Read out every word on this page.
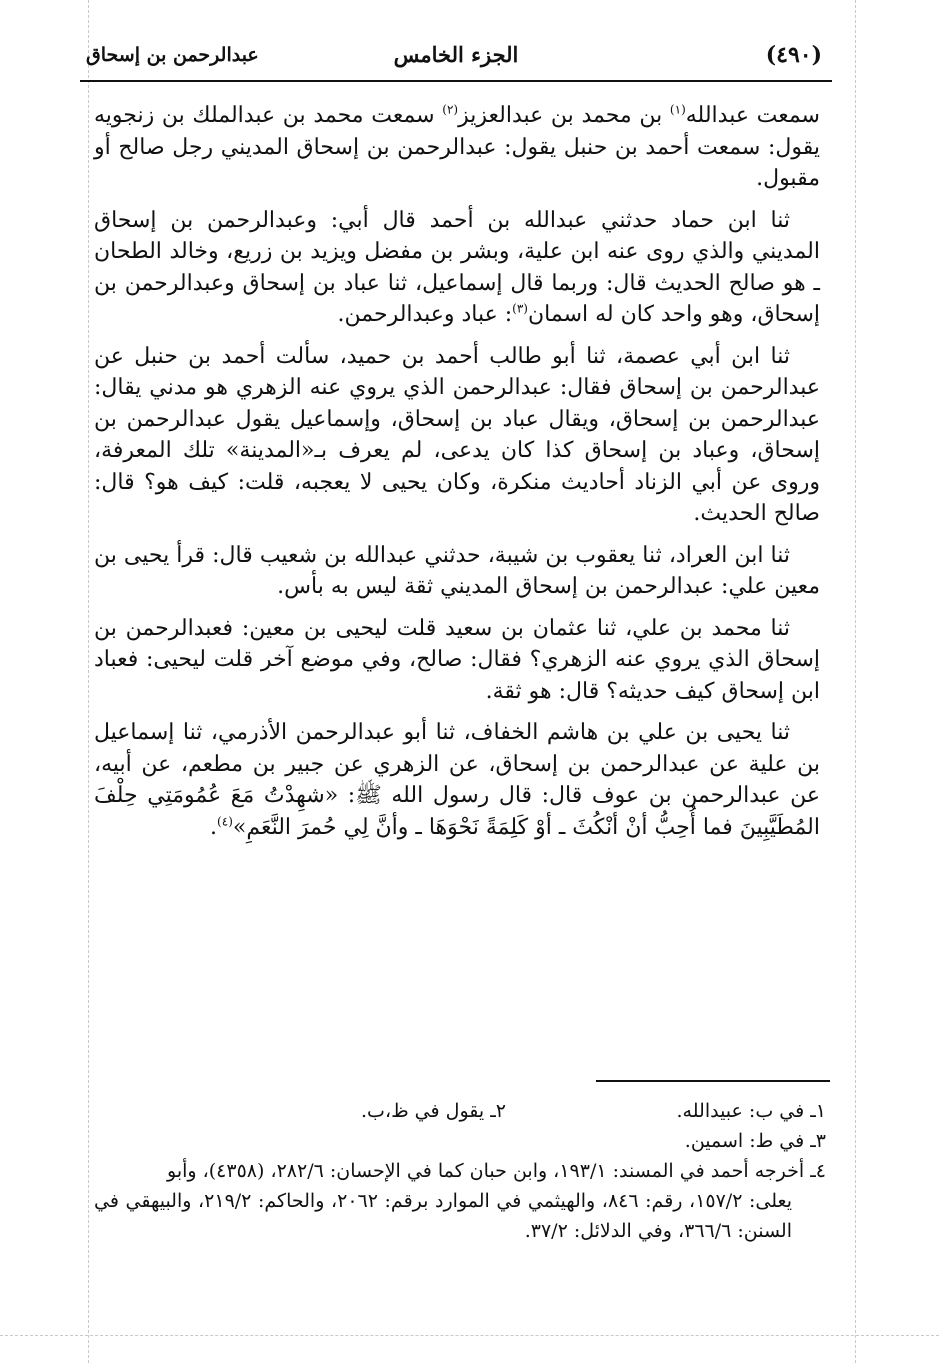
(٤٩٠)
الجزء الخامس
عبدالرحمن بن إسحاق

سمعت عبدالله$^{(١)}$ بن محمد بن عبدالعزيز$^{(٢)}$ سمعت محمد بن عبدالملك بن زنجويه يقول: سمعت أحمد بن حنبل يقول: عبدالرحمن بن إسحاق المديني رجل صالح أو مقبول.

ثنا ابن حماد حدثني عبدالله بن أحمد قال أبي: وعبدالرحمن بن إسحاق المديني والذي روى عنه ابن علية، وبشر بن مفضل ويزيد بن زريع، وخالد الطحان ـ هو صالح الحديث قال: وربما قال إسماعيل، ثنا عباد بن إسحاق وعبدالرحمن بن إسحاق، وهو واحد كان له اسمان$^{(٣)}$: عباد وعبدالرحمن.

ثنا ابن أبي عصمة، ثنا أبو طالب أحمد بن حميد، سألت أحمد بن حنبل عن عبدالرحمن بن إسحاق فقال: عبدالرحمن الذي يروي عنه الزهري هو مدني يقال: عبدالرحمن بن إسحاق، ويقال عباد بن إسحاق، وإسماعيل يقول عبدالرحمن بن إسحاق، وعباد بن إسحاق كذا كان يدعى، لم يعرف بـ«المدينة» تلك المعرفة، وروى عن أبي الزناد أحاديث منكرة، وكان يحيى لا يعجبه، قلت: كيف هو؟ قال: صالح الحديث.

ثنا ابن العراد، ثنا يعقوب بن شيبة، حدثني عبدالله بن شعيب قال: قرأ يحيى بن معين علي: عبدالرحمن بن إسحاق المديني ثقة ليس به بأس.

ثنا محمد بن علي، ثنا عثمان بن سعيد قلت ليحيى بن معين: فعبدالرحمن بن إسحاق الذي يروي عنه الزهري؟ فقال: صالح، وفي موضع آخر قلت ليحيى: فعباد ابن إسحاق كيف حديثه؟ قال: هو ثقة.

ثنا يحيى بن علي بن هاشم الخفاف، ثنا أبو عبدالرحمن الأذرمي، ثنا إسماعيل بن علية عن عبدالرحمن بن إسحاق، عن الزهري عن جبير بن مطعم، عن أبيه، عن عبدالرحمن بن عوف قال: قال رسول الله ﷺ: «شهِدْتُ مَعَ عُمُومَتِي حِلْفَ المُطَيَّبِينَ فما أُحِبُّ أنْ أنْكُثَ ـ أوْ كَلِمَةً نَحْوَهَا ـ وأنَّ لِي حُمرَ النَّعَمِ»$^{(٤)}$.

١ـ في ب: عبيدالله.
٢ـ يقول في ظ،ب.
٣ـ في ط: اسمين.
٤ـ أخرجه أحمد في المسند: ١٩٣/١، وابن حبان كما في الإحسان: ٢٨٢/٦، (٤٣٥٨)، وأبو
يعلى: ١٥٧/٢، رقم: ٨٤٦، والهيثمي في الموارد برقم: ٢٠٦٢، والحاكم: ٢١٩/٢، والبيهقي في السنن: ٣٦٦/٦، وفي الدلائل: ٣٧/٢.
